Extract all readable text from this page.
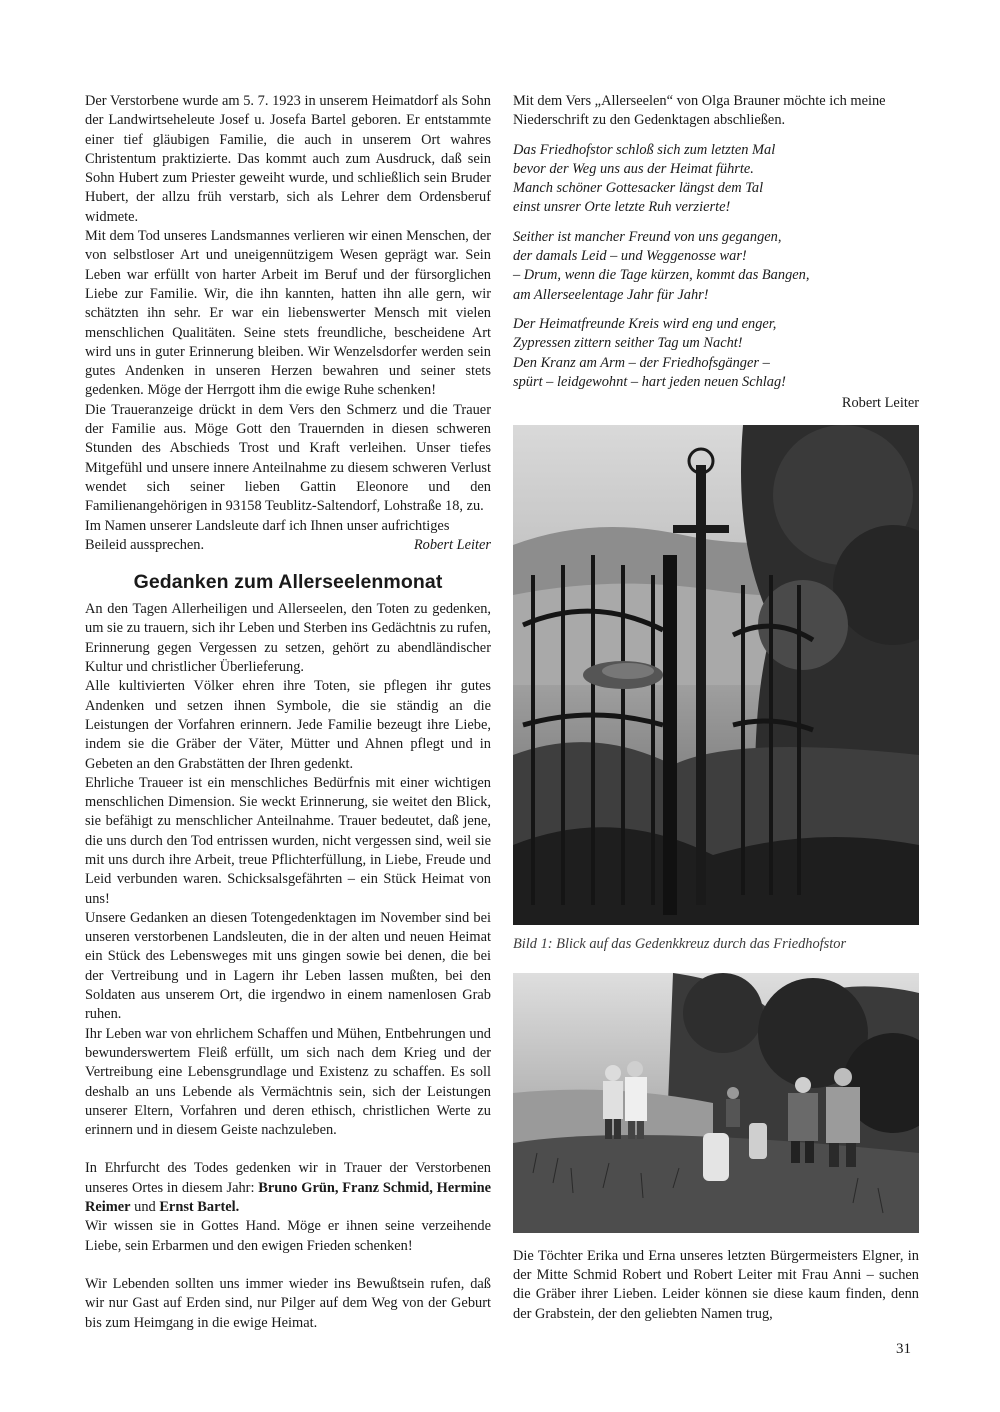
Der Verstorbene wurde am 5. 7. 1923 in unserem Heimatdorf als Sohn der Landwirtseheleute Josef u. Josefa Bartel geboren. Er entstammte einer tief gläubigen Familie, die auch in unserem Ort wahres Christentum praktizierte. Das kommt auch zum Ausdruck, daß sein Sohn Hubert zum Priester geweiht wurde, und schließlich sein Bruder Hubert, der allzu früh verstarb, sich als Lehrer dem Ordensberuf widmete.

Mit dem Tod unseres Landsmannes verlieren wir einen Menschen, der von selbstloser Art und uneigennützigem Wesen geprägt war. Sein Leben war erfüllt von harter Arbeit im Beruf und der fürsorglichen Liebe zur Familie. Wir, die ihn kannten, hatten ihn alle gern, wir schätzten ihn sehr. Er war ein liebenswerter Mensch mit vielen menschlichen Qualitäten. Seine stets freundliche, bescheidene Art wird uns in guter Erinnerung bleiben. Wir Wenzelsdorfer werden sein gutes Andenken in unseren Herzen bewahren und seiner stets gedenken. Möge der Herrgott ihm die ewige Ruhe schenken!

Die Traueranzeige drückt in dem Vers den Schmerz und die Trauer der Familie aus. Möge Gott den Trauernden in diesen schweren Stunden des Abschieds Trost und Kraft verleihen. Unser tiefes Mitgefühl und unsere innere Anteilnahme zu diesem schweren Verlust wendet sich seiner lieben Gattin Eleonore und den Familienangehörigen in 93158 Teublitz-Saltendorf, Lohstraße 18, zu.

Im Namen unserer Landsleute darf ich Ihnen unser aufrichtiges

Beileid aussprechen.	Robert Leiter

Gedanken zum Allerseelenmonat

An den Tagen Allerheiligen und Allerseelen, den Toten zu gedenken, um sie zu trauern, sich ihr Leben und Sterben ins Gedächtnis zu rufen, Erinnerung gegen Vergessen zu setzen, gehört zu abendländischer Kultur und christlicher Überlieferung.

Alle kultivierten Völker ehren ihre Toten, sie pflegen ihr gutes Andenken und setzen ihnen Symbole, die sie ständig an die Leistungen der Vorfahren erinnern. Jede Familie bezeugt ihre Liebe, indem sie die Gräber der Väter, Mütter und Ahnen pflegt und in Gebeten an den Grabstätten der Ihren gedenkt.

Ehrliche Traueer ist ein menschliches Bedürfnis mit einer wichtigen menschlichen Dimension. Sie weckt Erinnerung, sie weitet den Blick, sie befähigt zu menschlicher Anteilnahme. Trauer bedeutet, daß jene, die uns durch den Tod entrissen wurden, nicht vergessen sind, weil sie mit uns durch ihre Arbeit, treue Pflichterfüllung, in Liebe, Freude und Leid verbunden waren. Schicksalsgefährten – ein Stück Heimat von uns!

Unsere Gedanken an diesen Totengedenktagen im November sind bei unseren verstorbenen Landsleuten, die in der alten und neuen Heimat ein Stück des Lebensweges mit uns gingen sowie bei denen, die bei der Vertreibung und in Lagern ihr Leben lassen mußten, bei den Soldaten aus unserem Ort, die irgendwo in einem namenlosen Grab ruhen.

Ihr Leben war von ehrlichem Schaffen und Mühen, Entbehrungen und bewunderswertem Fleiß erfüllt, um sich nach dem Krieg und der Vertreibung eine Lebensgrundlage und Existenz zu schaffen. Es soll deshalb an uns Lebende als Vermächtnis sein, sich der Leistungen unserer Eltern, Vorfahren und deren ethisch, christlichen Werte zu erinnern und in diesem Geiste nachzuleben.

In Ehrfurcht des Todes gedenken wir in Trauer der Verstorbenen unseres Ortes in diesem Jahr: Bruno Grün, Franz Schmid, Hermine Reimer und Ernst Bartel.

Wir wissen sie in Gottes Hand. Möge er ihnen seine verzeihende Liebe, sein Erbarmen und den ewigen Frieden schenken!

Wir Lebenden sollten uns immer wieder ins Bewußtsein rufen, daß wir nur Gast auf Erden sind, nur Pilger auf dem Weg von der Geburt bis zum Heimgang in die ewige Heimat.

Mit dem Vers „Allerseelen“ von Olga Brauner möchte ich meine Niederschrift zu den Gedenktagen abschließen.

Das Friedhofstor schloß sich zum letzten Mal

bevor der Weg uns aus der Heimat führte.

Manch schöner Gottesacker längst dem Tal

einst unsrer Orte letzte Ruh verzierte!

Seither ist mancher Freund von uns gegangen,

der damals Leid – und Weggenosse war!

– Drum, wenn die Tage kürzen, kommt das Bangen,

am Allerseelentage Jahr für Jahr!

Der Heimatfreunde Kreis wird eng und enger,

Zypressen zittern seither Tag um Nacht!

Den Kranz am Arm – der Friedhofsgänger –

spürt – leidgewohnt – hart jeden neuen Schlag!

Robert Leiter

Bild 1: Blick auf das Gedenkkreuz durch das Friedhofstor

Die Töchter Erika und Erna unseres letzten Bürgermeisters Elgner, in der Mitte Schmid Robert und Robert Leiter mit Frau Anni – suchen die Gräber ihrer Lieben. Leider können sie diese kaum finden, denn der Grabstein, der den geliebten Namen trug,

31
